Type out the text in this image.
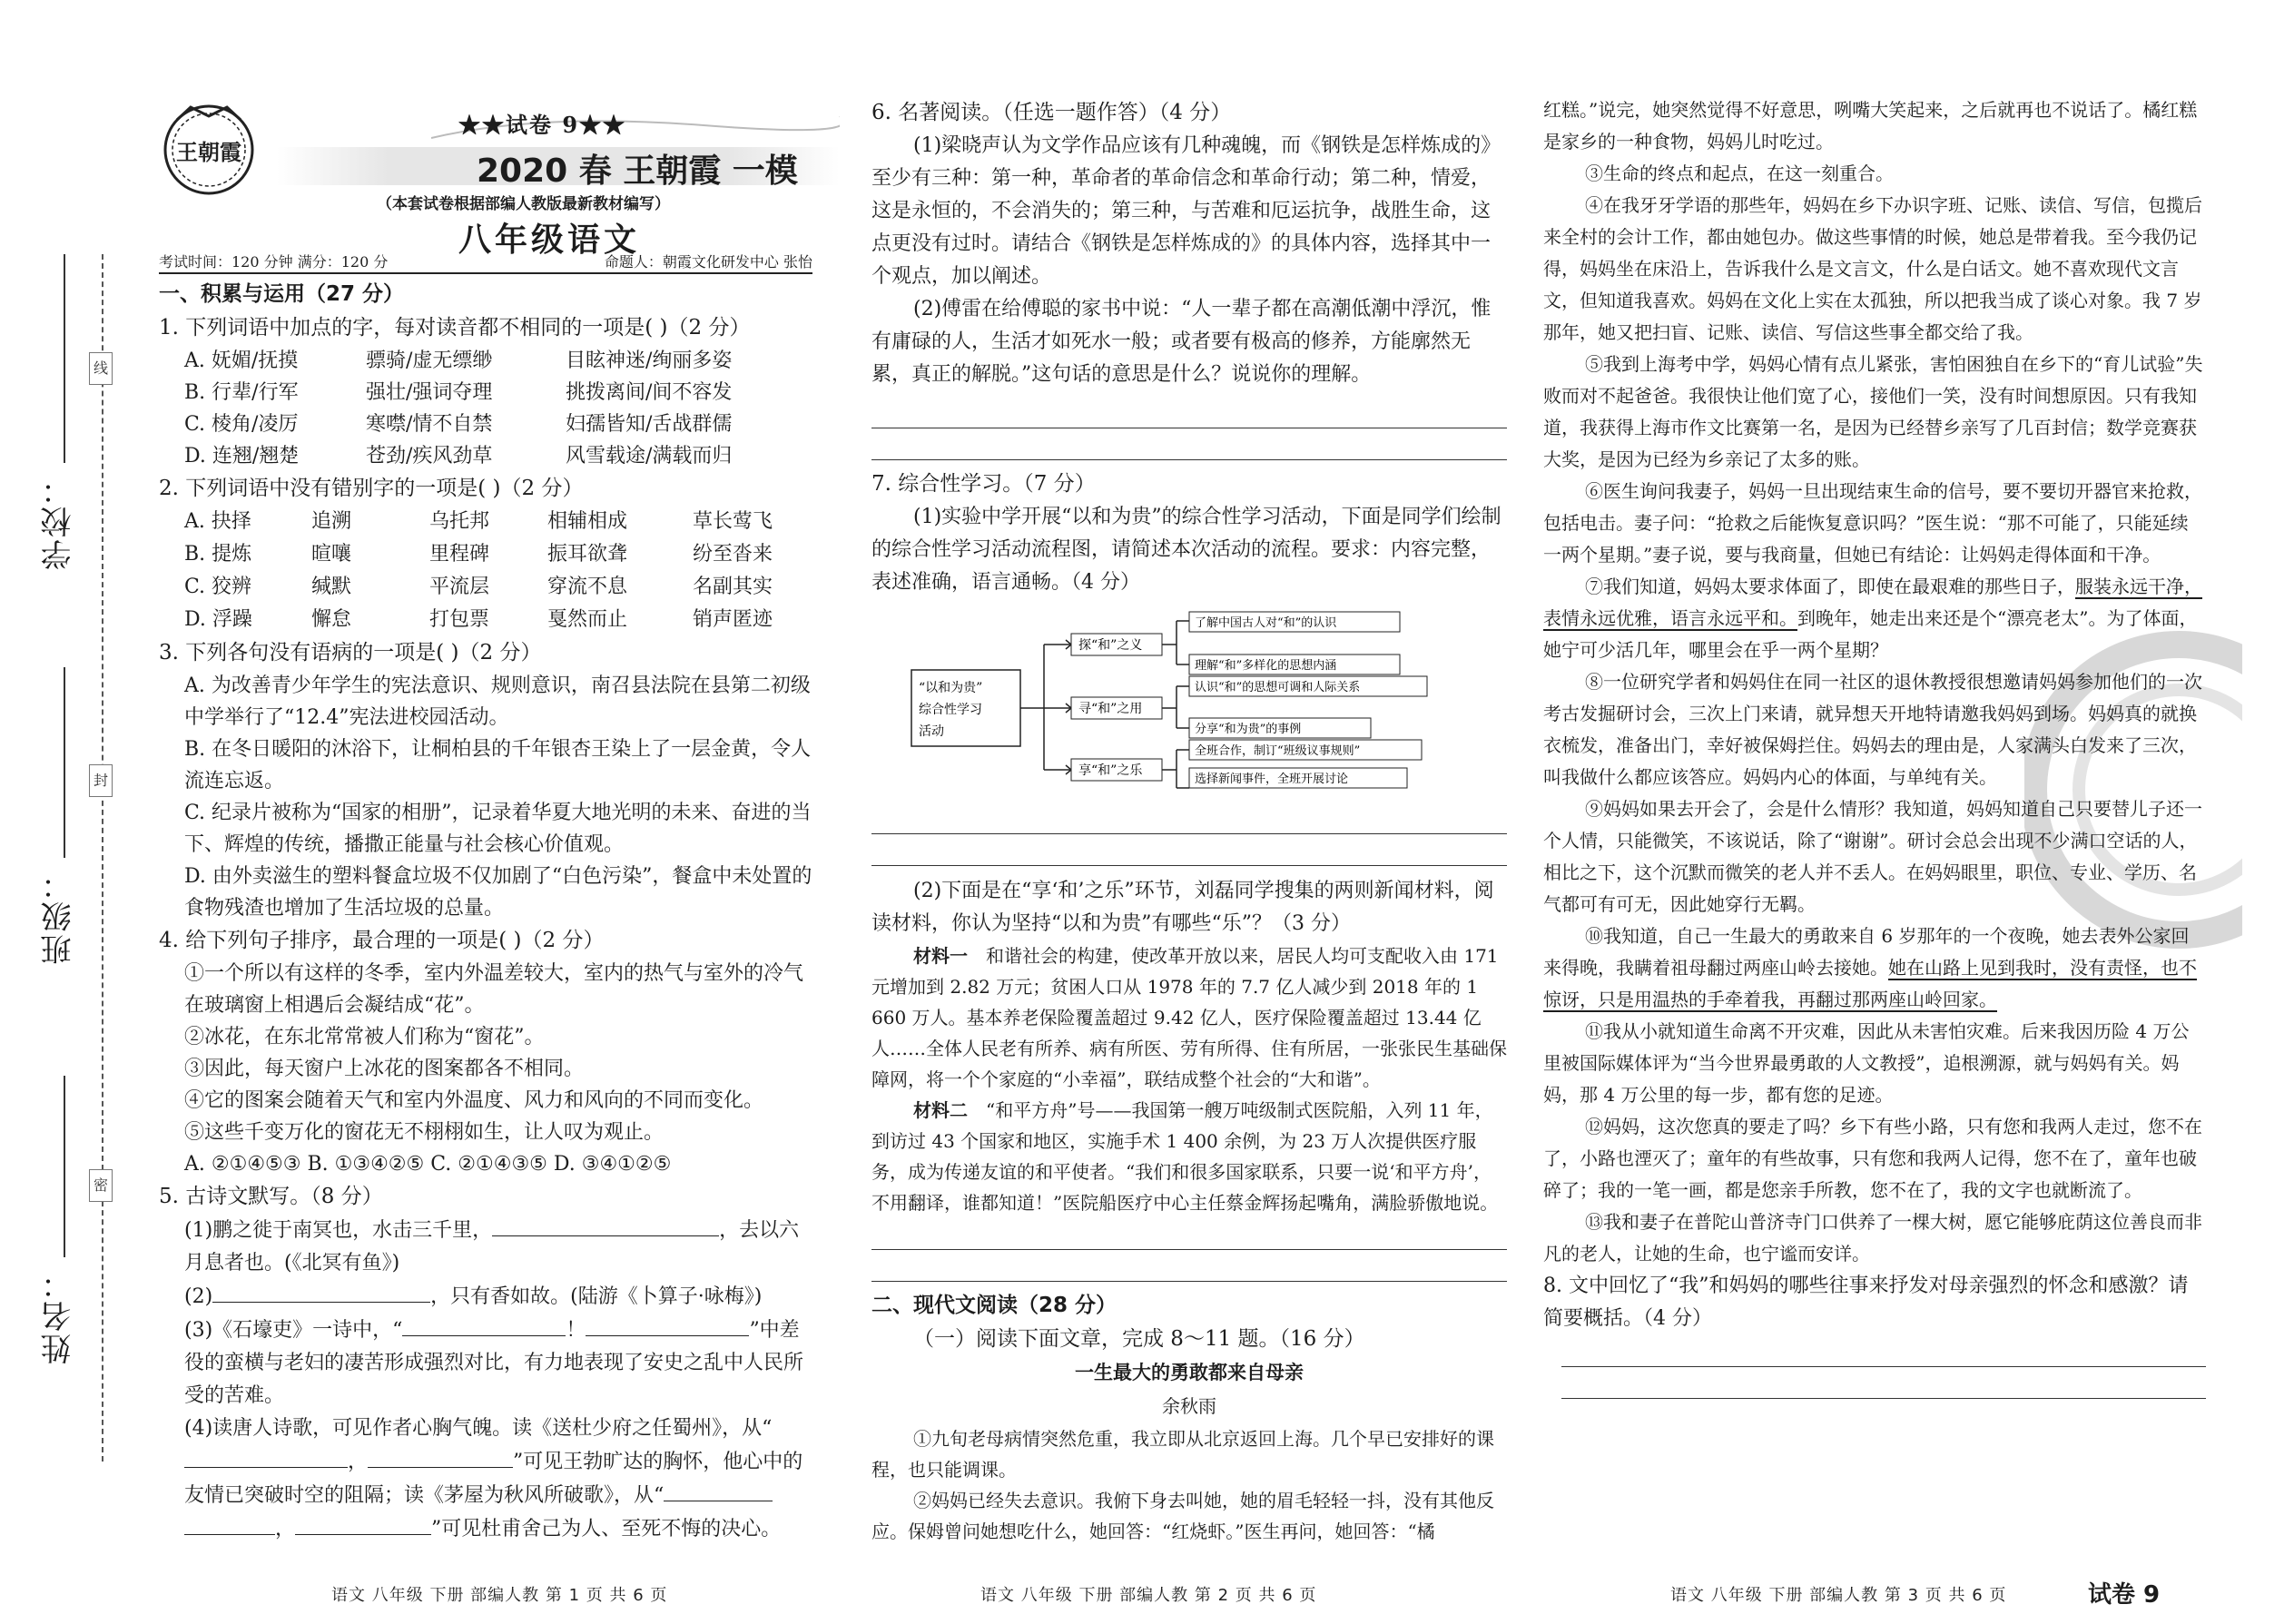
线
封
密
学校：
班级：
姓名：
王朝霞
★★试卷 9★★
2020 春 王朝霞 一模
（本套试卷根据部编人教版最新教材编写）
八年级语文
考试时间：120 分钟 满分：120 分	命题人：朝霞文化研发中心 张怡

一、积累与运用（27 分）

1. 下列词语中加点的字，每对读音都不相同的一项是( )（2 分）

A. 妩媚/抚摸	骠骑/虚无缥缈	目眩神迷/绚丽多姿
B. 行辈/行军	强壮/强词夺理	挑拨离间/间不容发
C. 棱角/凌厉	寒噤/情不自禁	妇孺皆知/舌战群儒
D. 连翘/翘楚	苍劲/疾风劲草	风雪载途/满载而归

2. 下列词语中没有错别字的一项是( )（2 分）

A. 抉择	追溯	乌托邦	相辅相成	草长莺飞
B. 提炼	暄嚷	里程碑	振耳欲聋	纷至沓来
C. 狡辨	缄默	平流层	穿流不息	名副其实
D. 浮躁	懈怠	打包票	戛然而止	销声匿迹

3. 下列各句没有语病的一项是( )（2 分）

A. 为改善青少年学生的宪法意识、规则意识，南召县法院在县第二初级中学举行了“12.4”宪法进校园活动。

B. 在冬日暖阳的沐浴下，让桐柏县的千年银杏王染上了一层金黄，令人流连忘返。

C. 纪录片被称为“国家的相册”，记录着华夏大地光明的未来、奋进的当下、辉煌的传统，播撒正能量与社会核心价值观。

D. 由外卖滋生的塑料餐盒垃圾不仅加剧了“白色污染”，餐盒中未处置的食物残渣也增加了生活垃圾的总量。

4. 给下列句子排序，最合理的一项是( )（2 分）

①一个所以有这样的冬季，室内外温差较大，室内的热气与室外的冷气在玻璃窗上相遇后会凝结成“花”。

②冰花，在东北常常被人们称为“窗花”。

③因此，每天窗户上冰花的图案都各不相同。

④它的图案会随着天气和室内外温度、风力和风向的不同而变化。

⑤这些千变万化的窗花无不栩栩如生，让人叹为观止。

A. ②①④⑤③ B. ①③④②⑤ C. ②①④③⑤ D. ③④①②⑤

5. 古诗文默写。（8 分）

(1)鹏之徙于南冥也，水击三千里，	，去以六月息者也。(《北冥有鱼》)

(2)	，只有香如故。(陆游《卜算子·咏梅》)

(3)《石壕吏》一诗中，“	！	”中差役的蛮横与老妇的凄苦形成强烈对比，有力地表现了安史之乱中人民所受的苦难。

(4)读唐人诗歌，可见作者心胸气魄。读《送杜少府之任蜀州》，从“，	”可见王勃旷达的胸怀，他心中的友情已突破时空的阻隔；读《茅屋为秋风所破歌》，从“，	”可见杜甫舍己为人、至死不悔的决心。

语文 八年级 下册 部编人教 第 1 页 共 6 页

6. 名著阅读。（任选一题作答）（4 分）

(1)梁晓声认为文学作品应该有几种魂魄，而《钢铁是怎样炼成的》至少有三种：第一种，革命者的革命信念和革命行动；第二种，情爱，这是永恒的，不会消失的；第三种，与苦难和厄运抗争，战胜生命，这点更没有过时。请结合《钢铁是怎样炼成的》的具体内容，选择其中一个观点，加以阐述。

(2)傅雷在给傅聪的家书中说：“人一辈子都在高潮低潮中浮沉，惟有庸碌的人，生活才如死水一般；或者要有极高的修养，方能廓然无累，真正的解脱。”这句话的意思是什么？说说你的理解。

7. 综合性学习。（7 分）

(1)实验中学开展“以和为贵”的综合性学习活动，下面是同学们绘制的综合性学习活动流程图，请简述本次活动的流程。要求：内容完整，表述准确，语言通畅。（4 分）

“以和为贵”
综合性学习
活动
探“和”之义
寻“和”之用
享“和”之乐
了解中国古人对“和”的认识
理解“和”多样化的思想内涵
认识“和”的思想可调和人际关系
分享“和为贵”的事例
全班合作，制订“班级议事规则”
选择新闻事件，全班开展讨论

(2)下面是在“享‘和’之乐”环节，刘磊同学搜集的两则新闻材料，阅读材料，你认为坚持“以和为贵”有哪些“乐”？（3 分）

材料一　 和谐社会的构建，使改革开放以来，居民人均可支配收入由 171 元增加到 2.82 万元；贫困人口从 1978 年的 7.7 亿人减少到 2018 年的 1 660 万人。基本养老保险覆盖超过 9.42 亿人，医疗保险覆盖超过 13.44 亿人……全体人民老有所养、病有所医、劳有所得、住有所居，一张张民生基础保障网，将一个个家庭的“小幸福”，联结成整个社会的“大和谐”。

材料二　 “和平方舟”号——我国第一艘万吨级制式医院船，入列 11 年，到访过 43 个国家和地区，实施手术 1 400 余例，为 23 万人次提供医疗服务，成为传递友谊的和平使者。“我们和很多国家联系，只要一说‘和平方舟’，不用翻译，谁都知道！”医院船医疗中心主任蔡金辉扬起嘴角，满脸骄傲地说。

二、现代文阅读（28 分）

（一）阅读下面文章，完成 8～11 题。（16 分）

一生最大的勇敢都来自母亲

余秋雨

①九旬老母病情突然危重，我立即从北京返回上海。几个早已安排好的课程，也只能调课。

②妈妈已经失去意识。我俯下身去叫她，她的眉毛轻轻一抖，没有其他反应。保姆曾问她想吃什么，她回答：“红烧虾。”医生再问，她回答：“橘

语文 八年级 下册 部编人教 第 2 页 共 6 页

红糕。”说完，她突然觉得不好意思，咧嘴大笑起来，之后就再也不说话了。橘红糕是家乡的一种食物，妈妈儿时吃过。

③生命的终点和起点，在这一刻重合。

④在我牙牙学语的那些年，妈妈在乡下办识字班、记账、读信、写信，包揽后来全村的会计工作，都由她包办。做这些事情的时候，她总是带着我。至今我仍记得，妈妈坐在床沿上，告诉我什么是文言文，什么是白话文。她不喜欢现代文言文，但知道我喜欢。妈妈在文化上实在太孤独，所以把我当成了谈心对象。我 7 岁那年，她又把扫盲、记账、读信、写信这些事全都交给了我。

⑤我到上海考中学，妈妈心情有点儿紧张，害怕困独自在乡下的“育儿试验”失败而对不起爸爸。我很快让他们宽了心，接他们一笑，没有时间想原因。只有我知道，我获得上海市作文比赛第一名，是因为已经替乡亲写了几百封信；数学竞赛获大奖，是因为已经为乡亲记了太多的账。

⑥医生询问我妻子，妈妈一旦出现结束生命的信号，要不要切开器官来抢救，包括电击。妻子问：“抢救之后能恢复意识吗？”医生说：“那不可能了，只能延续一两个星期。”妻子说，要与我商量，但她已有结论：让妈妈走得体面和干净。

⑦我们知道，妈妈太要求体面了，即使在最艰难的那些日子，服装永远干净，表情永远优雅，语言永远平和。到晚年，她走出来还是个“漂亮老太”。为了体面，她宁可少活几年，哪里会在乎一两个星期？

⑧一位研究学者和妈妈住在同一社区的退休教授很想邀请妈妈参加他们的一次考古发掘研讨会，三次上门来请，就异想天开地特请邀我妈妈到场。妈妈真的就换衣梳发，准备出门，幸好被保姆拦住。妈妈去的理由是，人家满头白发来了三次，叫我做什么都应该答应。妈妈内心的体面，与单纯有关。

⑨妈妈如果去开会了，会是什么情形？我知道，妈妈知道自己只要替儿子还一个人情，只能微笑，不该说话，除了“谢谢”。研讨会总会出现不少满口空话的人，相比之下，这个沉默而微笑的老人并不丢人。在妈妈眼里，职位、专业、学历、名气都可有可无，因此她穿行无羁。

⑩我知道，自己一生最大的勇敢来自 6 岁那年的一个夜晚，她去表外公家回来得晚，我瞒着祖母翻过两座山岭去接她。她在山路上见到我时，没有责怪，也不惊讶，只是用温热的手牵着我，再翻过那两座山岭回家。

⑪我从小就知道生命离不开灾难，因此从未害怕灾难。后来我因历险 4 万公里被国际媒体评为“当今世界最勇敢的人文教授”，追根溯源，就与妈妈有关。妈妈，那 4 万公里的每一步，都有您的足迹。

⑫妈妈，这次您真的要走了吗？乡下有些小路，只有您和我两人走过，您不在了，小路也湮灭了；童年的有些故事，只有您和我两人记得，您不在了，童年也破碎了；我的一笔一画，都是您亲手所教，您不在了，我的文字也就断流了。

⑬我和妻子在普陀山普济寺门口供养了一棵大树，愿它能够庇荫这位善良而非凡的老人，让她的生命，也宁谧而安详。

8. 文中回忆了“我”和妈妈的哪些往事来抒发对母亲强烈的怀念和感激？请简要概括。（4 分）

语文 八年级 下册 部编人教 第 3 页 共 6 页	试卷 9
